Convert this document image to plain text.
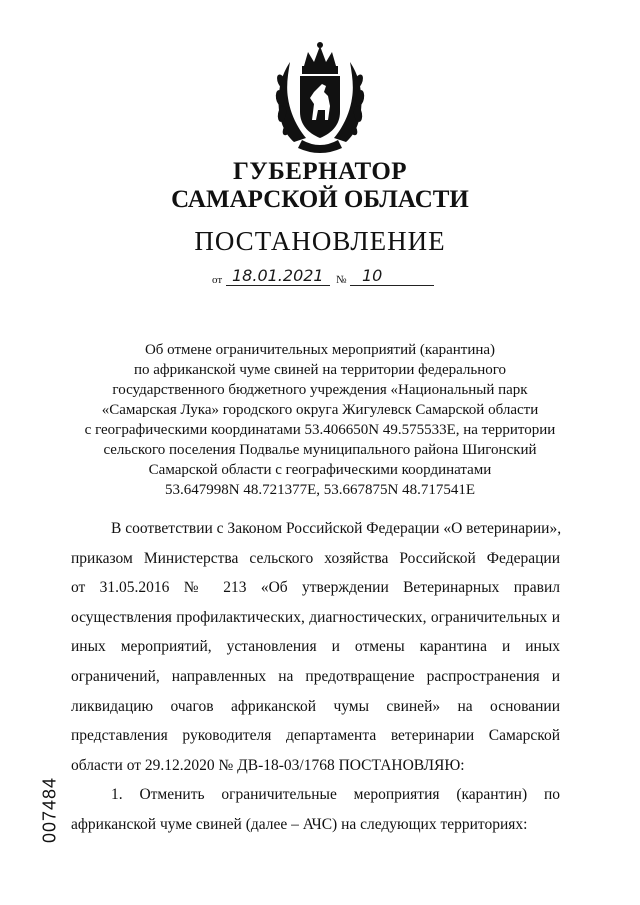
ГУБЕРНАТОР
САМАРСКОЙ ОБЛАСТИ
ПОСТАНОВЛЕНИЕ
от 18.01.2021 № 10
Об отмене ограничительных мероприятий (карантина)
по африканской чуме свиней на территории федерального
государственного бюджетного учреждения «Национальный парк
«Самарская Лука» городского округа Жигулевск Самарской области
с географическими координатами 53.406650N 49.575533E, на территории
сельского поселения Подвалье муниципального района Шигонский
Самарской области с географическими координатами
53.647998N 48.721377E, 53.667875N 48.717541E
В соответствии с Законом Российской Федерации «О ветеринарии»,
приказом Министерства сельского хозяйства Российской Федерации
от 31.05.2016 № 213 «Об утверждении Ветеринарных правил
осуществления профилактических, диагностических, ограничительных и
иных мероприятий, установления и отмены карантина и иных
ограничений, направленных на предотвращение распространения и
ликвидацию очагов африканской чумы свиней» на основании
представления руководителя департамента ветеринарии Самарской
области от 29.12.2020 № ДВ-18-03/1768 ПОСТАНОВЛЯЮ:
1. Отменить ограничительные мероприятия (карантин) по
африканской чуме свиней (далее – АЧС) на следующих территориях:
007484
